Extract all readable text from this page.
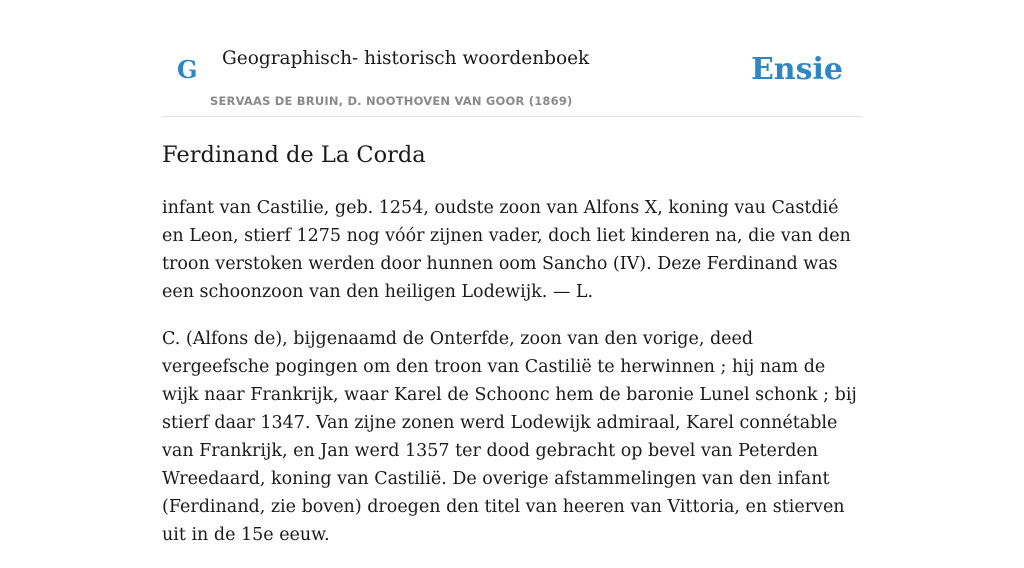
G Geographisch- historisch woordenboek
SERVAAS DE BRUIN, D. NOOTHOVEN VAN GOOR (1869)
Ensie
Ferdinand de La Corda

infant van Castilie, geb. 1254, oudste zoon van Alfons X, koning vau Castdié en Leon, stierf 1275 nog vóór zijnen vader, doch liet kinderen na, die van den troon verstoken werden door hunnen oom Sancho (IV). Deze Ferdinand was een schoonzoon van den heiligen Lodewijk. — L.

C. (Alfons de), bijgenaamd de Onterfde, zoon van den vorige, deed vergeefsche pogingen om den troon van Castilië te herwinnen ; hij nam de wijk naar Frankrijk, waar Karel de Schoonc hem de baronie Lunel schonk ; bij stierf daar 1347. Van zijne zonen werd Lodewijk admiraal, Karel connétable van Frankrijk, en Jan werd 1357 ter dood gebracht op bevel van Peterden Wreedaard, koning van Castilië. De overige afstammelingen van den infant (Ferdinand, zie boven) droegen den titel van heeren van Vittoria, en stierven uit in de 15e eeuw.
